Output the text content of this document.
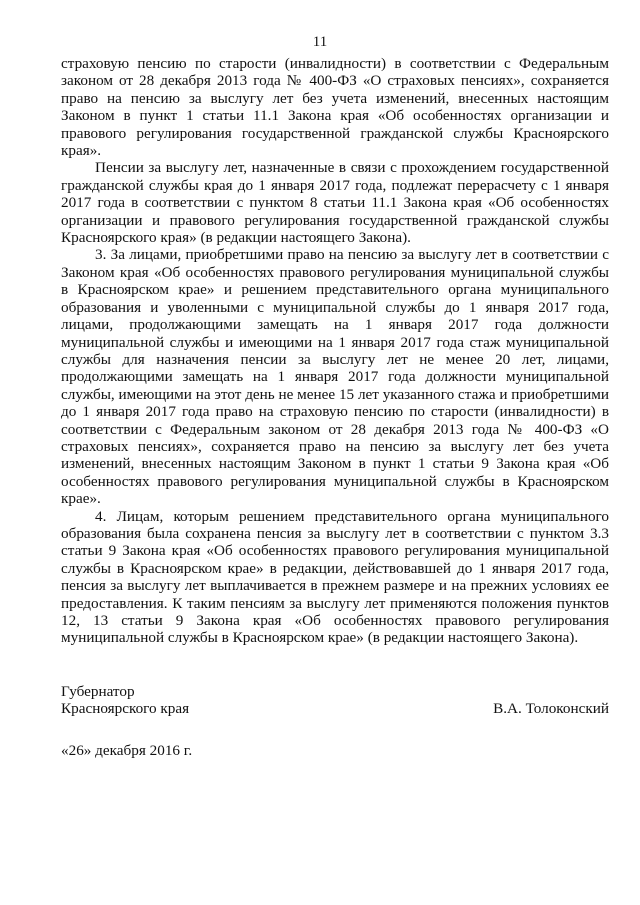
11

страховую пенсию по старости (инвалидности) в соответствии с Федеральным законом от 28 декабря 2013 года № 400-ФЗ «О страховых пенсиях», сохраняется право на пенсию за выслугу лет без учета изменений, внесенных настоящим Законом в пункт 1 статьи 11.1 Закона края «Об особенностях организации и правового регулирования государственной гражданской службы Красноярского края».

Пенсии за выслугу лет, назначенные в связи с прохождением государственной гражданской службы края до 1 января 2017 года, подлежат перерасчету с 1 января 2017 года в соответствии с пунктом 8 статьи 11.1 Закона края «Об особенностях организации и правового регулирования государственной гражданской службы Красноярского края» (в редакции настоящего Закона).

3. За лицами, приобретшими право на пенсию за выслугу лет в соответствии с Законом края «Об особенностях правового регулирования муниципальной службы в Красноярском крае» и решением представительного органа муниципального образования и уволенными с муниципальной службы до 1 января 2017 года, лицами, продолжающими замещать на 1 января 2017 года должности муниципальной службы и имеющими на 1 января 2017 года стаж муниципальной службы для назначения пенсии за выслугу лет не менее 20 лет, лицами, продолжающими замещать на 1 января 2017 года должности муниципальной службы, имеющими на этот день не менее 15 лет указанного стажа и приобретшими до 1 января 2017 года право на страховую пенсию по старости (инвалидности) в соответствии с Федеральным законом от 28 декабря 2013 года № 400-ФЗ «О страховых пенсиях», сохраняется право на пенсию за выслугу лет без учета изменений, внесенных настоящим Законом в пункт 1 статьи 9 Закона края «Об особенностях правового регулирования муниципальной службы в Красноярском крае».

4. Лицам, которым решением представительного органа муниципального образования была сохранена пенсия за выслугу лет в соответствии с пунктом 3.3 статьи 9 Закона края «Об особенностях правового регулирования муниципальной службы в Красноярском крае» в редакции, действовавшей до 1 января 2017 года, пенсия за выслугу лет выплачивается в прежнем размере и на прежних условиях ее предоставления. К таким пенсиям за выслугу лет применяются положения пунктов 12, 13 статьи 9 Закона края «Об особенностях правового регулирования муниципальной службы в Красноярском крае» (в редакции настоящего Закона).

Губернатор
Красноярского края	В.А. Толоконский
«26» декабря 2016 г.
